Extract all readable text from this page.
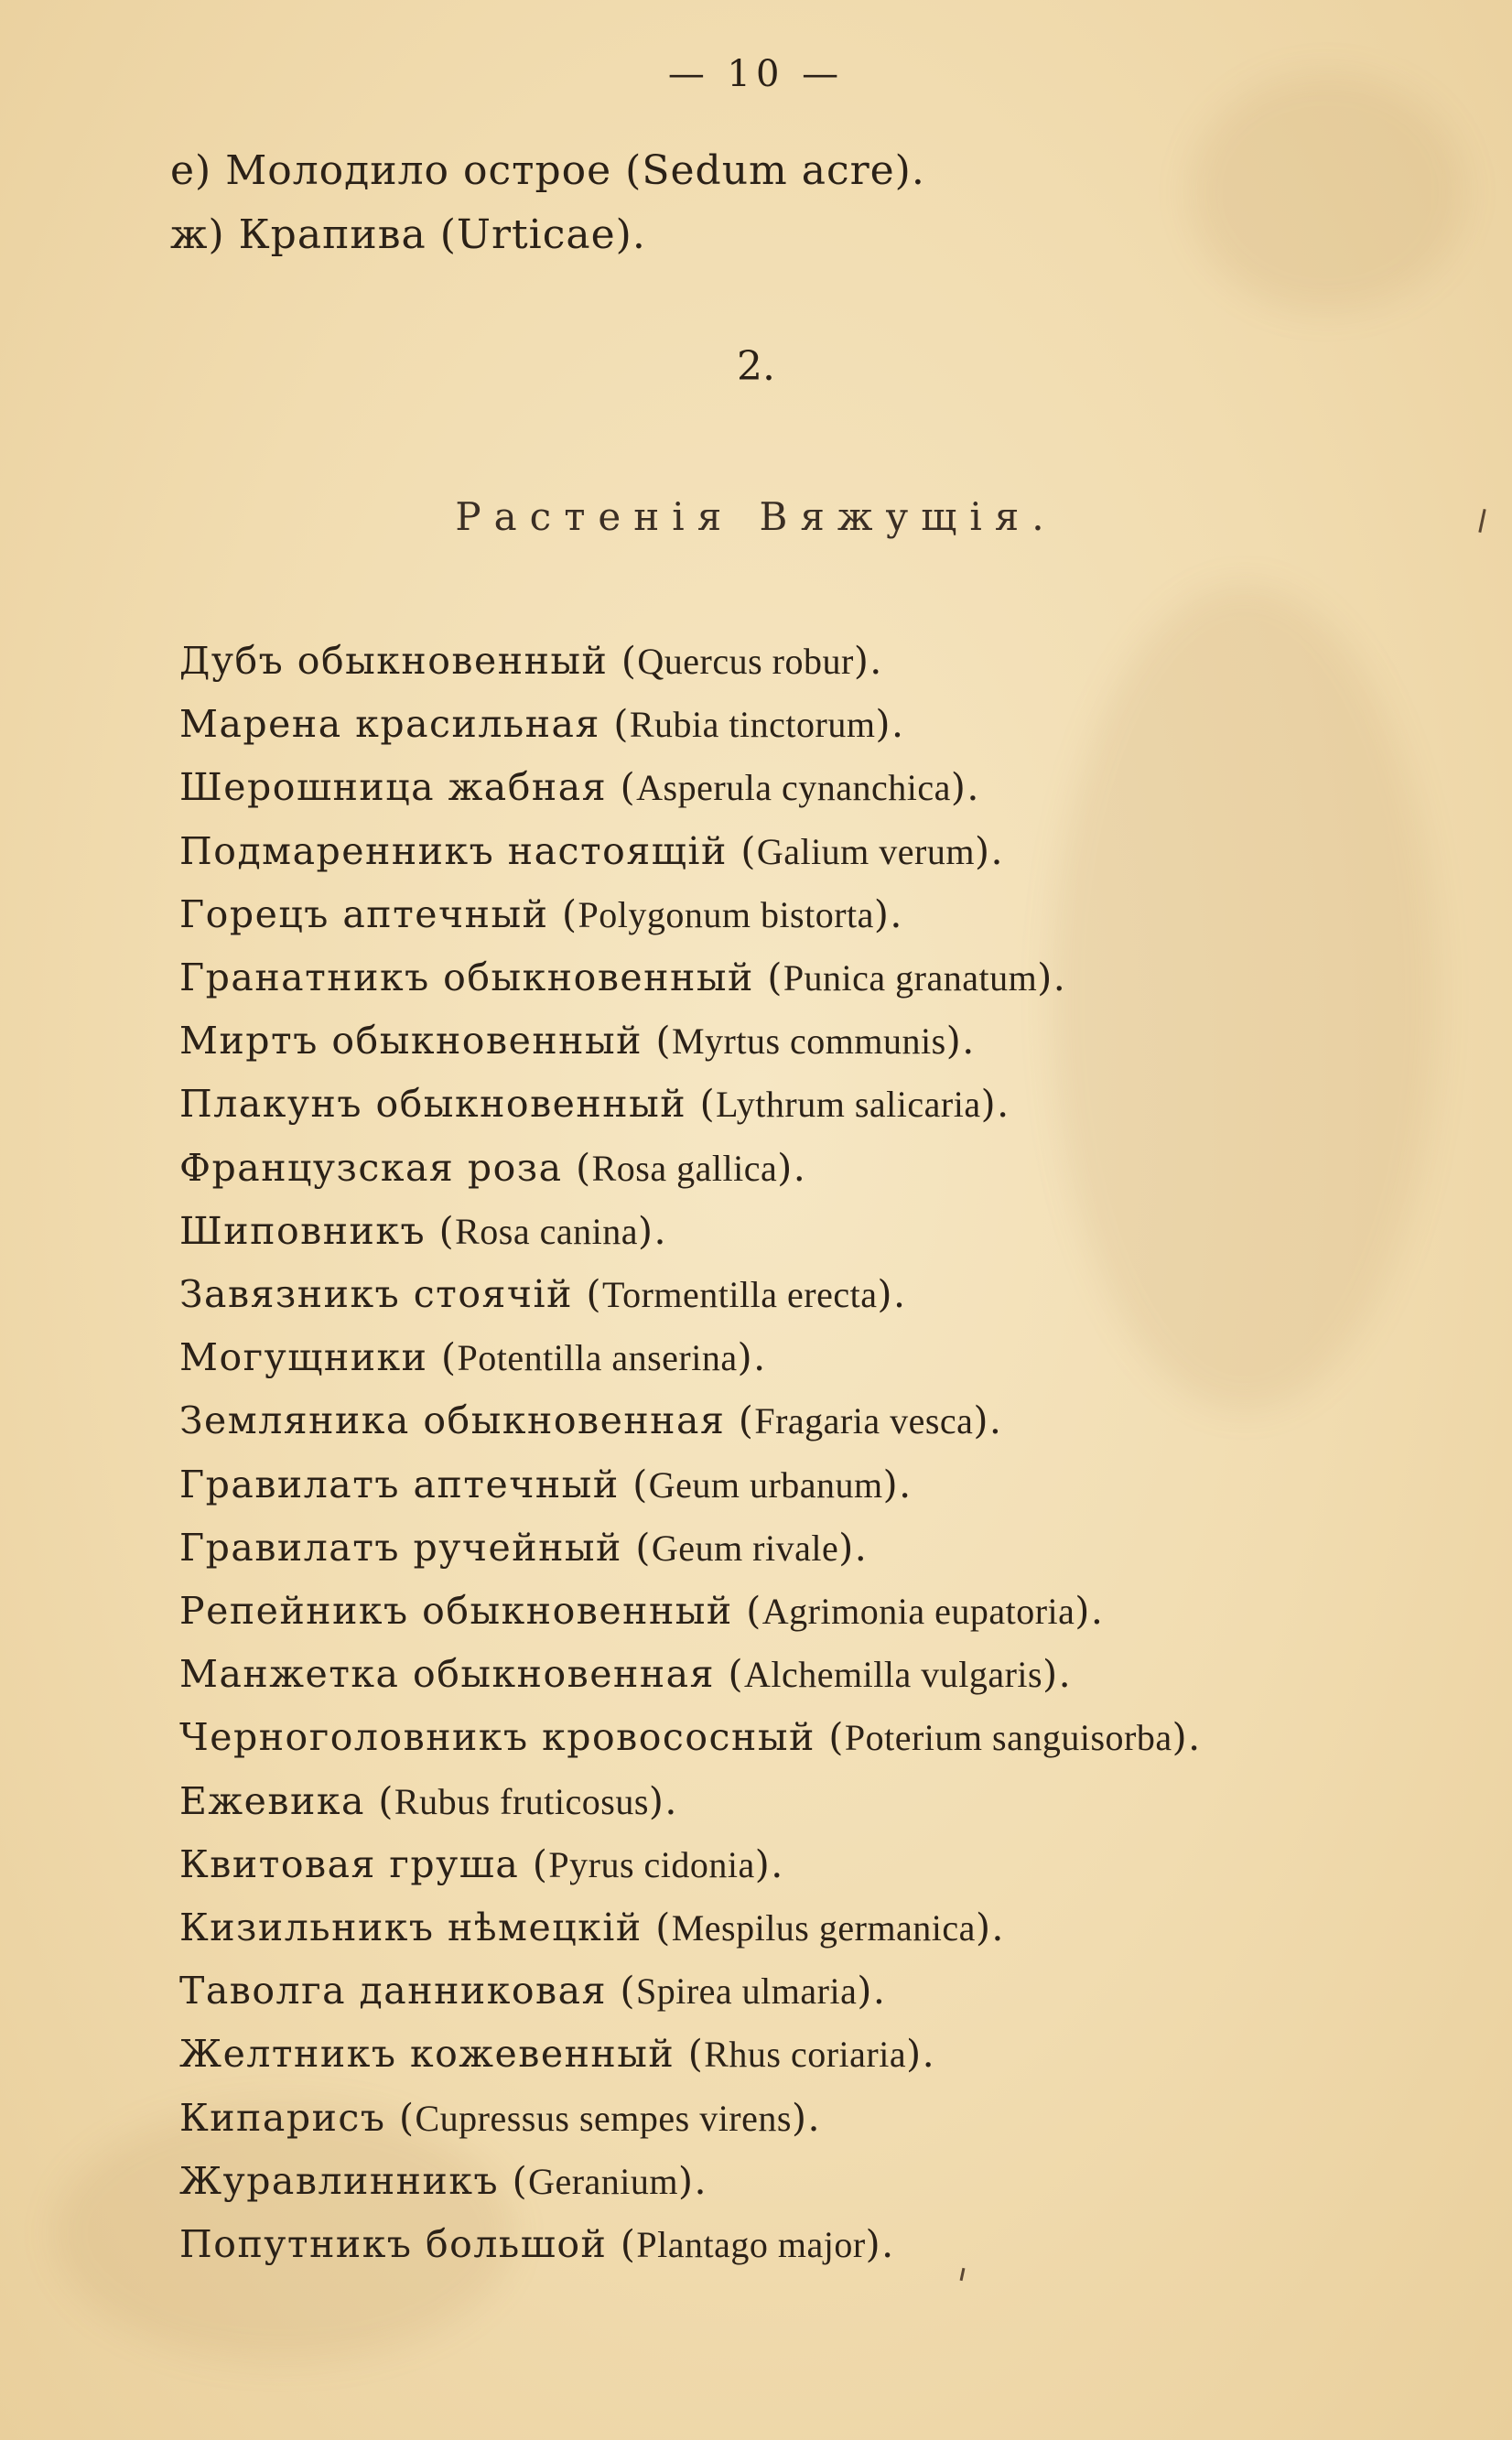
— 10 —
е) Молодило острое (Sedum acre).
ж) Крапива (Urticae).
2.
Растенія Вяжущія.
Дубъ обыкновенный (Quercus robur).
Марена красильная (Rubia tinctorum).
Шерошница жабная (Asperula cynanchica).
Подмаренникъ настоящій (Galium verum).
Горецъ аптечный (Polygonum bistorta).
Гранатникъ обыкновенный (Punica granatum).
Миртъ обыкновенный (Myrtus communis).
Плакунъ обыкновенный (Lythrum salicaria).
Французская роза (Rosa gallica).
Шиповникъ (Rosa canina).
Завязникъ стоячій (Tormentilla erecta).
Могущники (Potentilla anserina).
Земляника обыкновенная (Fragaria vesca).
Гравилатъ аптечный (Geum urbanum).
Гравилатъ ручейный (Geum rivale).
Репейникъ обыкновенный (Agrimonia eupatoria).
Манжетка обыкновенная (Alchemilla vulgaris).
Черноголовникъ кровососный (Poterium sanguisorba).
Ежевика (Rubus fruticosus).
Квитовая груша (Pyrus cidonia).
Кизильникъ нѣмецкій (Mespilus germanica).
Таволга данниковая (Spirea ulmaria).
Желтникъ кожевенный (Rhus coriaria).
Кипарисъ (Cupressus sempes virens).
Журавлинникъ (Geranium).
Попутникъ большой (Plantago major).
